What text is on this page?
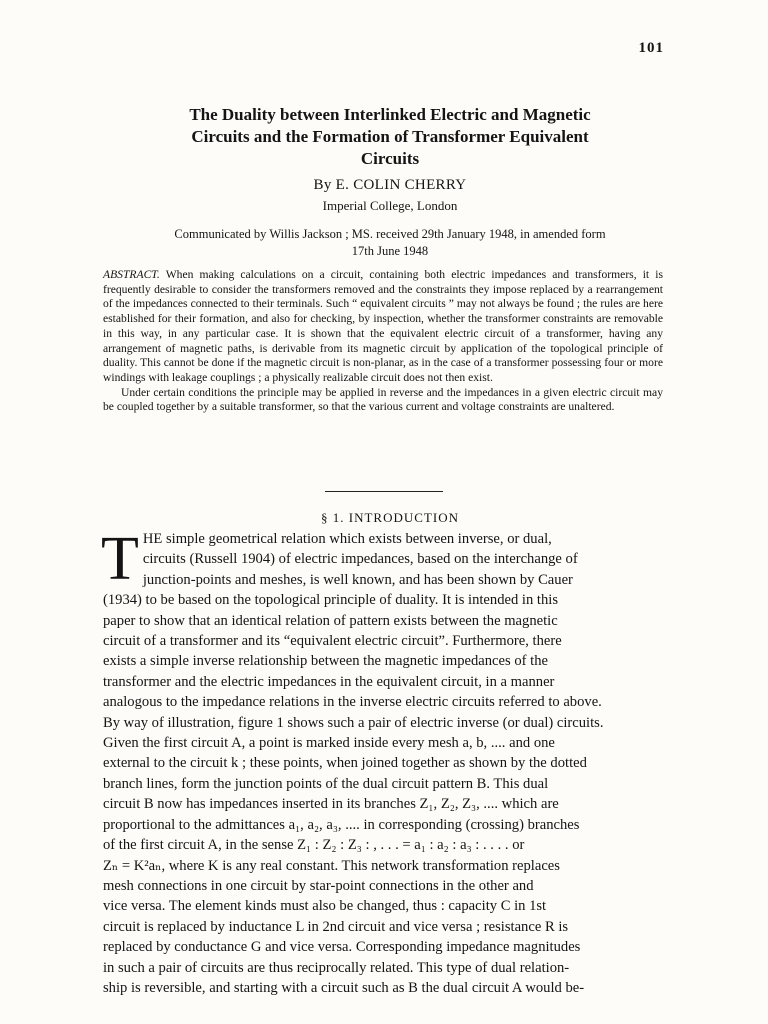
101
The Duality between Interlinked Electric and Magnetic
Circuits and the Formation of Transformer Equivalent
Circuits
By E. COLIN CHERRY
Imperial College, London
Communicated by Willis Jackson ; MS. received 29th January 1948, in amended form
17th June 1948

ABSTRACT. When making calculations on a circuit, containing both electric impedances and transformers, it is frequently desirable to consider the transformers removed and the constraints they impose replaced by a rearrangement of the impedances connected to their terminals. Such “ equivalent circuits ” may not always be found ; the rules are here established for their formation, and also for checking, by inspection, whether the transformer constraints are removable in this way, in any particular case. It is shown that the equivalent electric circuit of a transformer, having any arrangement of magnetic paths, is derivable from its magnetic circuit by application of the topological principle of duality. This cannot be done if the magnetic circuit is non-planar, as in the case of a transformer possessing four or more windings with leakage couplings ; a physically realizable circuit does not then exist.

Under certain conditions the principle may be applied in reverse and the impedances in a given electric circuit may be coupled together by a suitable transformer, so that the various current and voltage constraints are unaltered.

§ 1. INTRODUCTION
T HE simple geometrical relation which exists between inverse, or dual,
circuits (Russell 1904) of electric impedances, based on the interchange of
junction-points and meshes, is well known, and has been shown by Cauer
(1934) to be based on the topological principle of duality. It is intended in this
paper to show that an identical relation of pattern exists between the magnetic
circuit of a transformer and its “equivalent electric circuit”. Furthermore, there
exists a simple inverse relationship between the magnetic impedances of the
transformer and the electric impedances in the equivalent circuit, in a manner
analogous to the impedance relations in the inverse electric circuits referred to above.
By way of illustration, figure 1 shows such a pair of electric inverse (or dual) circuits.
Given the first circuit A, a point is marked inside every mesh a, b, .... and one
external to the circuit k ; these points, when joined together as shown by the dotted
branch lines, form the junction points of the dual circuit pattern B. This dual
circuit B now has impedances inserted in its branches Z₁, Z₂, Z₃, .... which are
proportional to the admittances a₁, a₂, a₃, .... in corresponding (crossing) branches
of the first circuit A, in the sense Z₁ : Z₂ : Z₃ : , . . . = a₁ : a₂ : a₃ : . . . . or
Zₙ = K²aₙ, where K is any real constant. This network transformation replaces
mesh connections in one circuit by star-point connections in the other and
vice versa. The element kinds must also be changed, thus : capacity C in 1st
circuit is replaced by inductance L in 2nd circuit and vice versa ; resistance R is
replaced by conductance G and vice versa. Corresponding impedance magnitudes
in such a pair of circuits are thus reciprocally related. This type of dual relation-
ship is reversible, and starting with a circuit such as B the dual circuit A would be-
